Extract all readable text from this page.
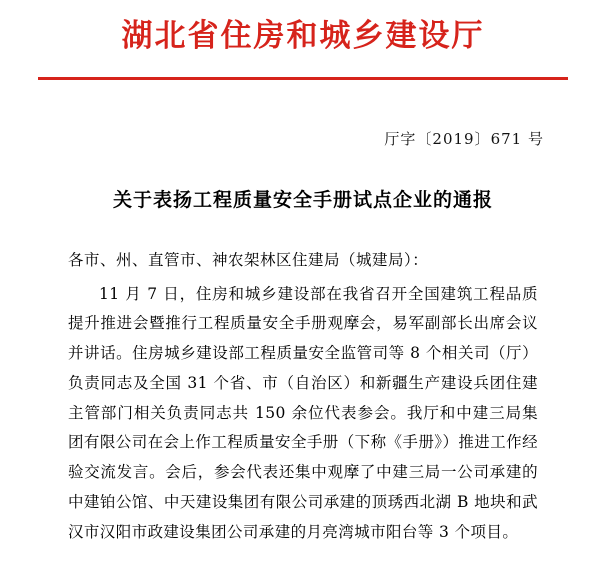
湖北省住房和城乡建设厅
厅字〔2019〕671 号
关于表扬工程质量安全手册试点企业的通报
各市、州、直管市、神农架林区住建局（城建局）：
11 月 7 日，住房和城乡建设部在我省召开全国建筑工程品质提升推进会暨推行工程质量安全手册观摩会，易军副部长出席会议并讲话。住房城乡建设部工程质量安全监管司等 8 个相关司（厅）负责同志及全国 31 个省、市（自治区）和新疆生产建设兵团住建主管部门相关负责同志共 150 余位代表参会。我厅和中建三局集团有限公司在会上作工程质量安全手册（下称《手册》）推进工作经验交流发言。会后，参会代表还集中观摩了中建三局一公司承建的中建铂公馆、中天建设集团有限公司承建的顶琇西北湖 B 地块和武汉市汉阳市政建设集团公司承建的月亮湾城市阳台等 3 个项目。
